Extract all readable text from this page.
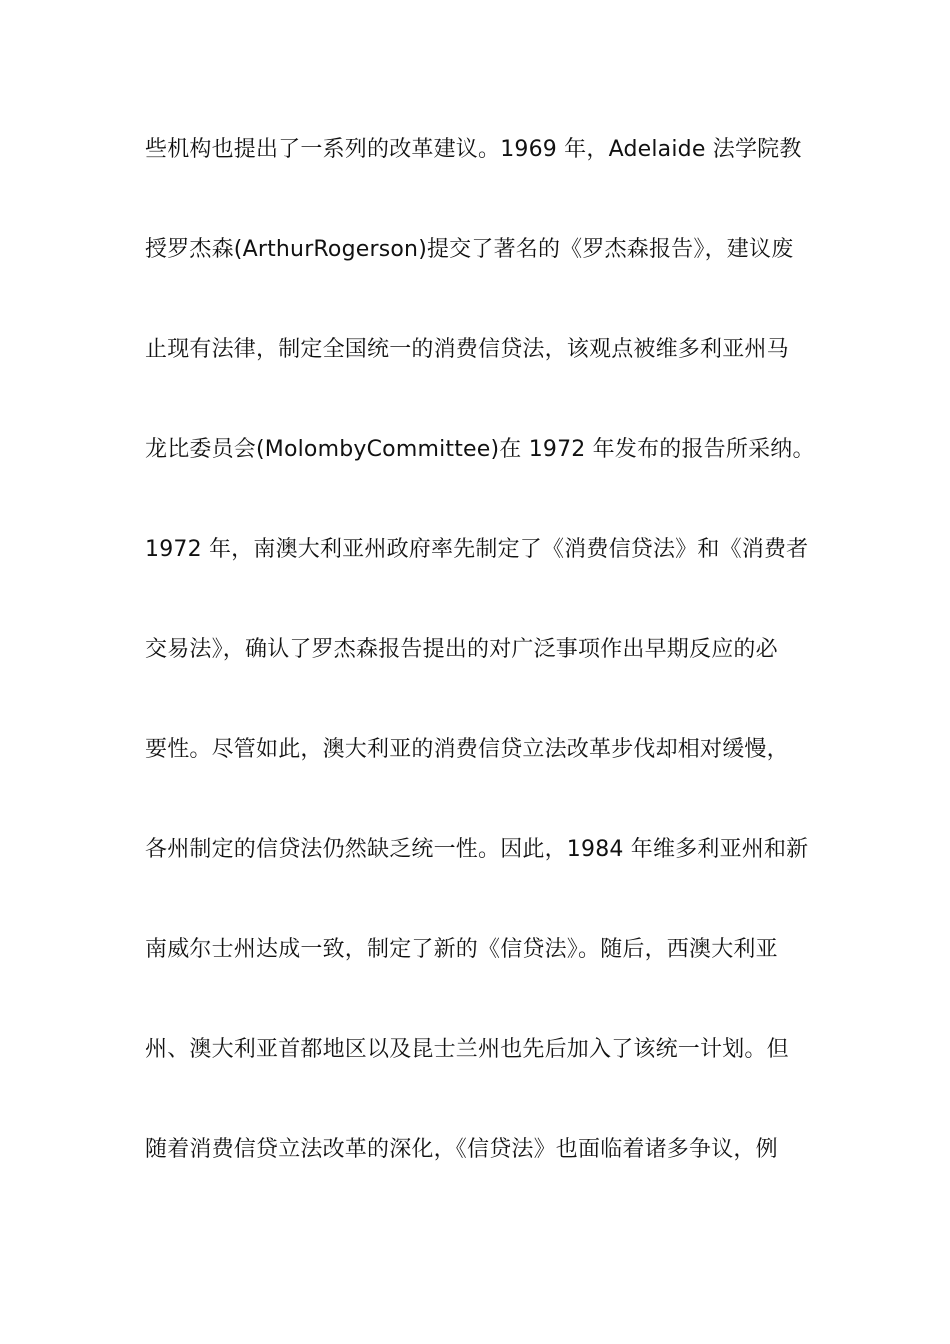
些机构也提出了一系列的改革建议。1969 年，Adelaide 法学院教
授罗杰森(ArthurRogerson)提交了著名的《罗杰森报告》，建议废
止现有法律，制定全国统一的消费信贷法，该观点被维多利亚州马
龙比委员会(MolombyCommittee)在 1972 年发布的报告所采纳。
1972 年，南澳大利亚州政府率先制定了《消费信贷法》和《消费者
交易法》，确认了罗杰森报告提出的对广泛事项作出早期反应的必
要性。尽管如此，澳大利亚的消费信贷立法改革步伐却相对缓慢，
各州制定的信贷法仍然缺乏统一性。因此，1984 年维多利亚州和新
南威尔士州达成一致，制定了新的《信贷法》。随后，西澳大利亚
州、澳大利亚首都地区以及昆士兰州也先后加入了该统一计划。但
随着消费信贷立法改革的深化，《信贷法》也面临着诸多争议，例
